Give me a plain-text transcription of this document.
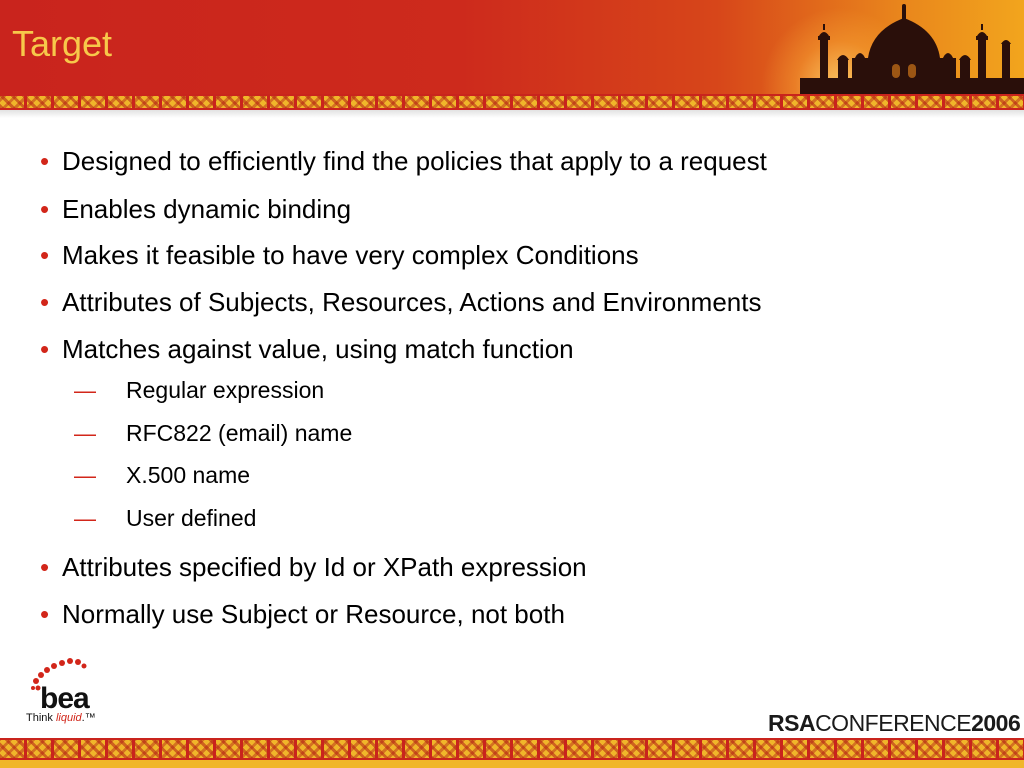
Target
• Designed to efficiently find the policies that apply to a request
• Enables dynamic binding
• Makes it feasible to have very complex Conditions
• Attributes of Subjects, Resources, Actions and Environments
• Matches against value, using match function
— Regular expression
— RFC822 (email) name
— X.500 name
— User defined
• Attributes specified by Id or XPath expression
• Normally use Subject or Resource, not both
bea
Think liquid.™	RSACONFERENCE2006
